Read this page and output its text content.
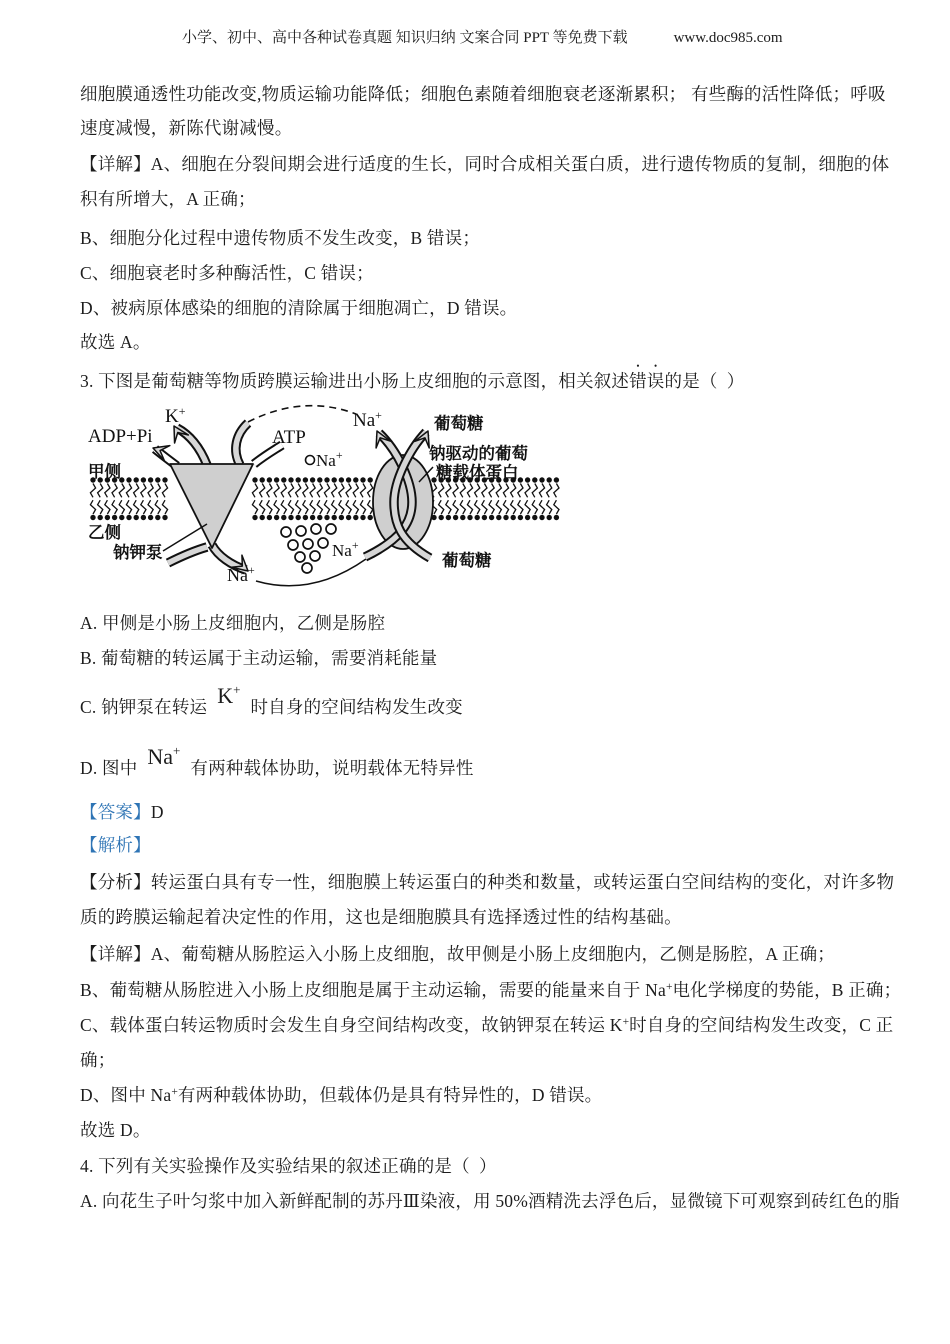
小学、初中、高中各种试卷真题 知识归纳 文案合同 PPT 等免费下载	www.doc985.com

细胞膜通透性功能改变,物质运输功能降低；细胞色素随着细胞衰老逐渐累积； 有些酶的活性降低；呼吸
速度减慢，新陈代谢减慢。
【详解】A、细胞在分裂间期会进行适度的生长，同时合成相关蛋白质，进行遗传物质的复制，细胞的体
积有所增大，A 正确；
B、细胞分化过程中遗传物质不发生改变，B 错误；
C、细胞衰老时多种酶活性，C 错误；
D、被病原体感染的细胞的清除属于细胞凋亡，D 错误。
故选 A。
3. 下图是葡萄糖等物质跨膜运输进出小肠上皮细胞的示意图，相关叙述错误的是（  ）
A. 甲侧是小肠上皮细胞内，乙侧是肠腔
B. 葡萄糖的转运属于主动运输，需要消耗能量
C. 钠钾泵在转运 K+时自身的空间结构发生改变
D. 图中 Na+有两种载体协助，说明载体无特异性
【答案】D
【解析】
【分析】转运蛋白具有专一性，细胞膜上转运蛋白的种类和数量，或转运蛋白空间结构的变化，对许多物
质的跨膜运输起着决定性的作用，这也是细胞膜具有选择透过性的结构基础。
【详解】A、葡萄糖从肠腔运入小肠上皮细胞，故甲侧是小肠上皮细胞内，乙侧是肠腔，A 正确；
B、葡萄糖从肠腔进入小肠上皮细胞是属于主动运输，需要的能量来自于 Na+电化学梯度的势能，B 正确；
C、载体蛋白转运物质时会发生自身空间结构改变，故钠钾泵在转运 K+时自身的空间结构发生改变，C 正
确；
D、图中 Na+有两种载体协助，但载体仍是具有特异性的，D 错误。
故选 D。
4. 下列有关实验操作及实验结果的叙述正确的是（  ）
A. 向花生子叶匀浆中加入新鲜配制的苏丹Ⅲ染液，用 50%酒精洗去浮色后，显微镜下可观察到砖红色的脂
ADP+Pi
K+
ATP
Na+	葡萄糖
钠驱动的葡萄
糖载体蛋白
甲侧
Na+
乙侧
钠钾泵
Na+
Na+
葡萄糖
